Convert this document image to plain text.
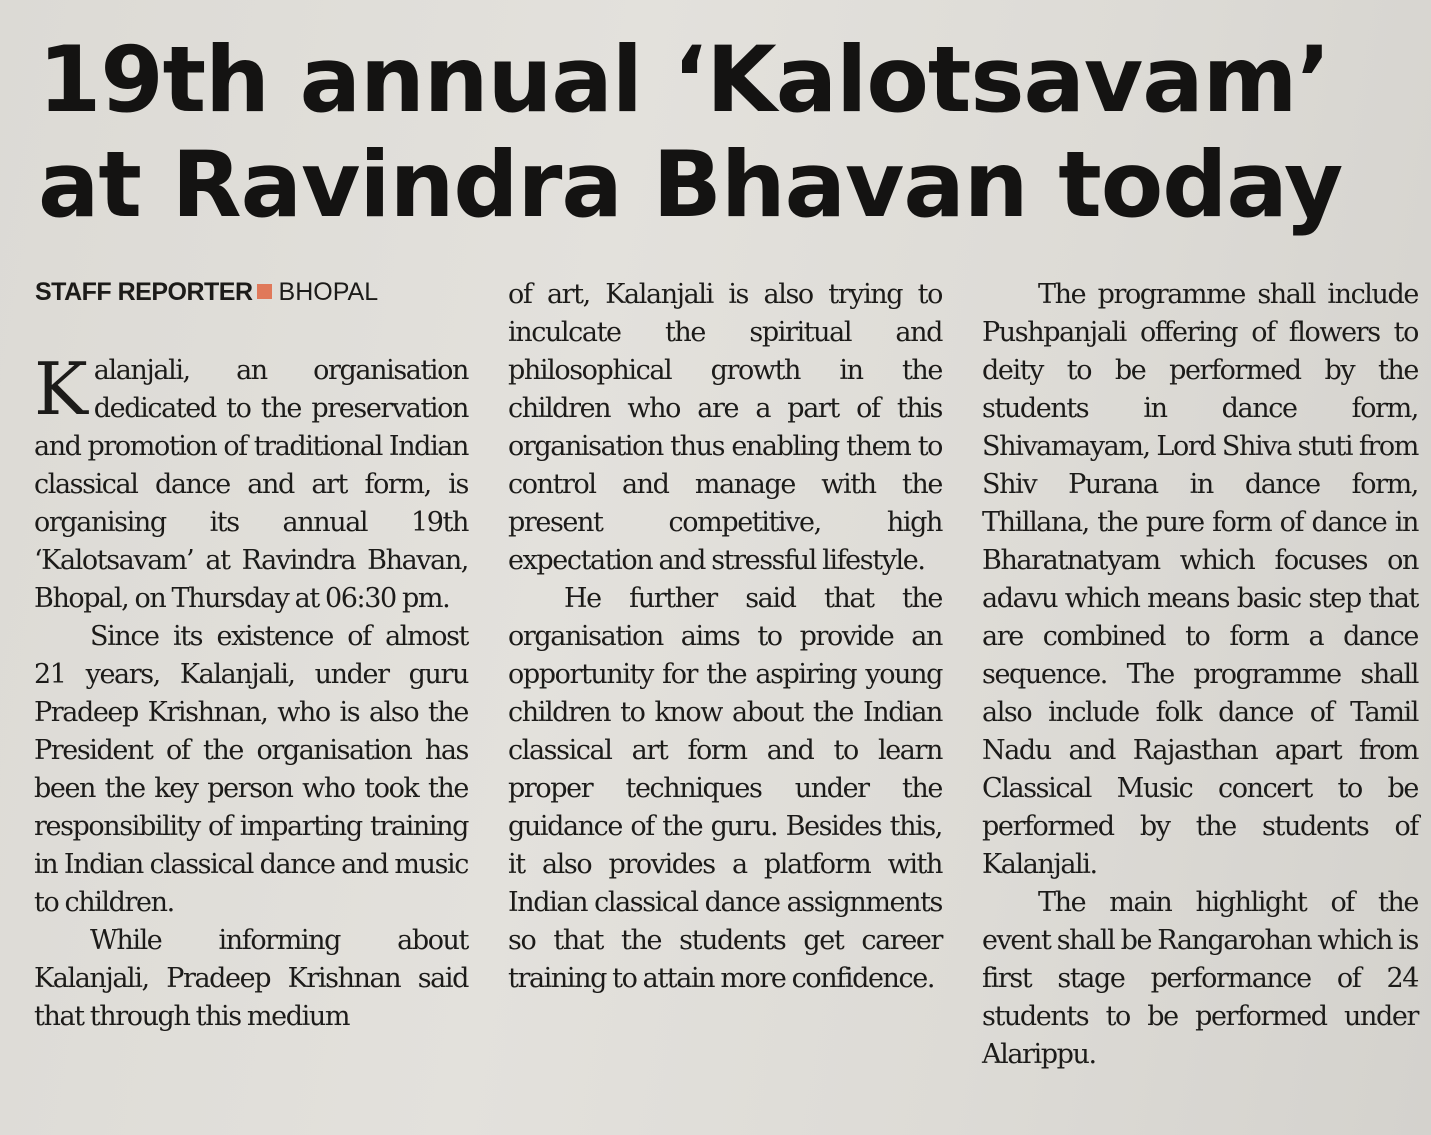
19th annual ‘Kalotsavam’
at Ravindra Bhavan today
STAFF REPORTER BHOPAL
K alanjali, an organisation dedicated to the preservation and promotion of traditional Indian classical dance and art form, is organising its annual 19th ‘Kalotsavam’ at Ravindra Bhavan, Bhopal, on Thursday at 06:30 pm.

Since its existence of almost 21 years, Kalanjali, under guru Pradeep Krishnan, who is also the President of the organisation has been the key person who took the responsibility of imparting training in Indian classical dance and music to children.

While informing about Kalanjali, Pradeep Krishnan said that through this medium

of art, Kalanjali is also trying to inculcate the spiritual and philosophical growth in the children who are a part of this organisation thus enabling them to control and manage with the present competitive, high expectation and stressful lifestyle.

He further said that the organisation aims to provide an opportunity for the aspiring young children to know about the Indian classical art form and to learn proper techniques under the guidance of the guru. Besides this, it also provides a platform with Indian classical dance assignments so that the students get career training to attain more confidence.

The programme shall include Pushpanjali offering of flowers to deity to be performed by the students in dance form, Shivamayam, Lord Shiva stuti from Shiv Purana in dance form, Thillana, the pure form of dance in Bharatnatyam which focuses on adavu which means basic step that are combined to form a dance sequence. The programme shall also include folk dance of Tamil Nadu and Rajasthan apart from Classical Music concert to be performed by the students of Kalanjali.

The main highlight of the event shall be Rangarohan which is first stage performance of 24 students to be performed under Alarippu.
